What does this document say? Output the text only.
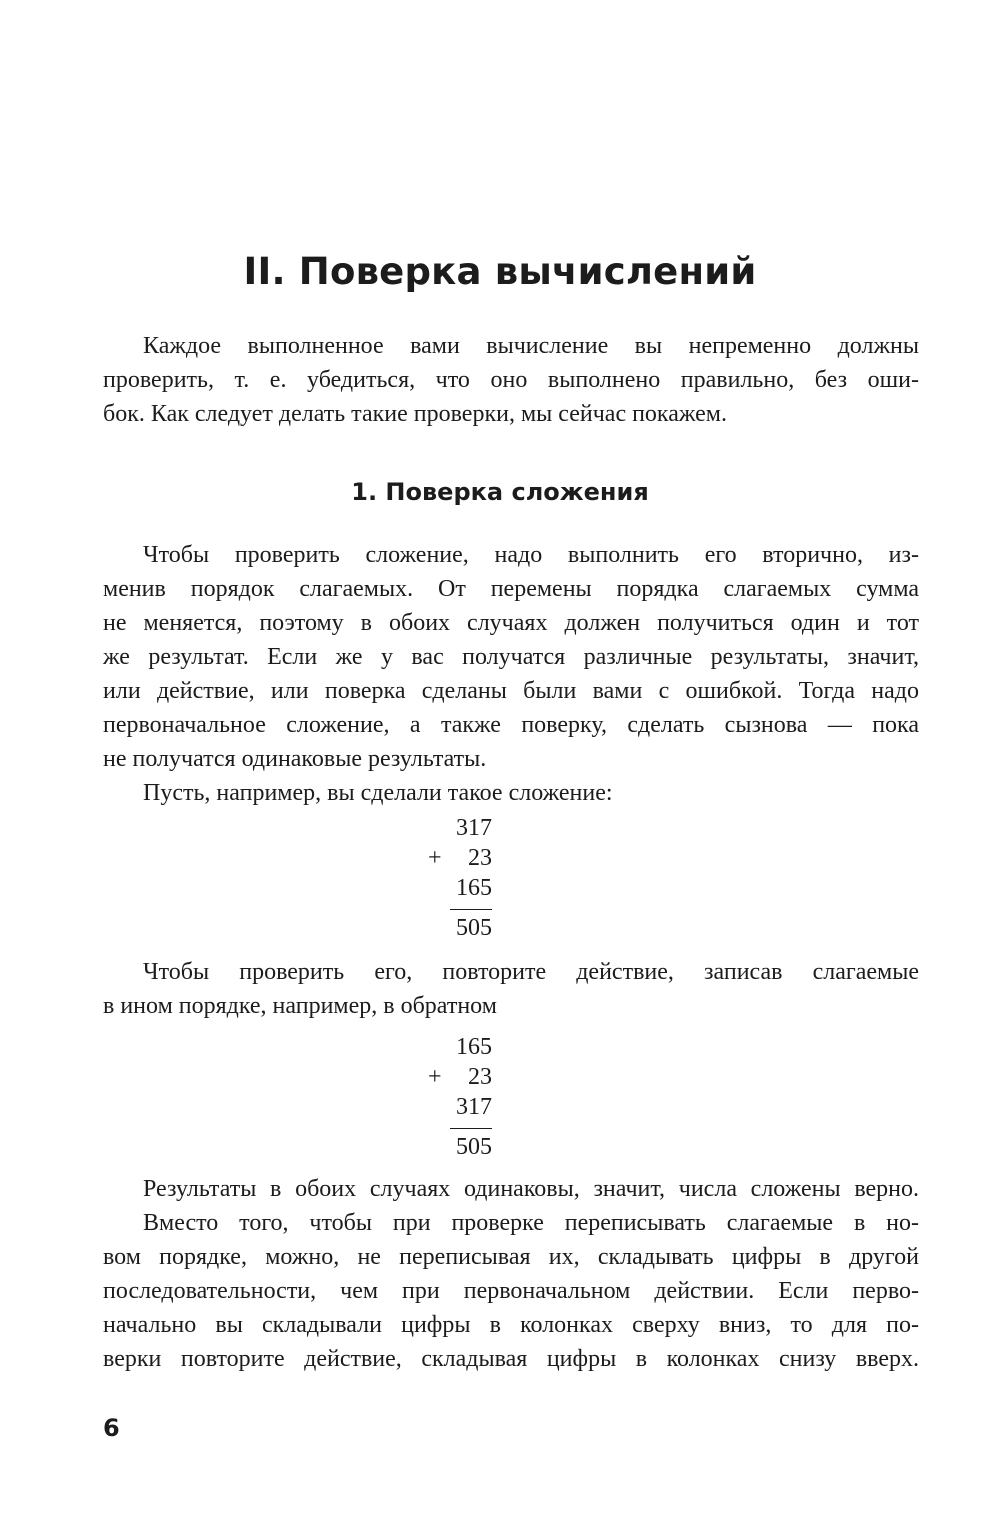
II. Поверка вычислений
Каждое выполненное вами вычисление вы непременно должны
проверить, т. е. убедиться, что оно выполнено правильно, без оши-
бок. Как следует делать такие проверки, мы сейчас покажем.
1. Поверка сложения
Чтобы проверить сложение, надо выполнить его вторично, из-
менив порядок слагаемых. От перемены порядка слагаемых сумма
не меняется, поэтому в обоих случаях должен получиться один и тот
же результат. Если же у вас получатся различные результаты, значит,
или действие, или поверка сделаны были вами с ошибкой. Тогда надо
первоначальное сложение, а также поверку, сделать сызнова — пока
не получатся одинаковые результаты.
Пусть, например, вы сделали такое сложение:
317
+ 23
165
505
Чтобы проверить его, повторите действие, записав слагаемые
в ином порядке, например, в обратном
165
+ 23
317
505
Результаты в обоих случаях одинаковы, значит, числа сложены верно.
Вместо того, чтобы при проверке переписывать слагаемые в но-
вом порядке, можно, не переписывая их, складывать цифры в другой
последовательности, чем при первоначальном действии. Если перво-
начально вы складывали цифры в колонках сверху вниз, то для по-
верки повторите действие, складывая цифры в колонках снизу вверх.
6
